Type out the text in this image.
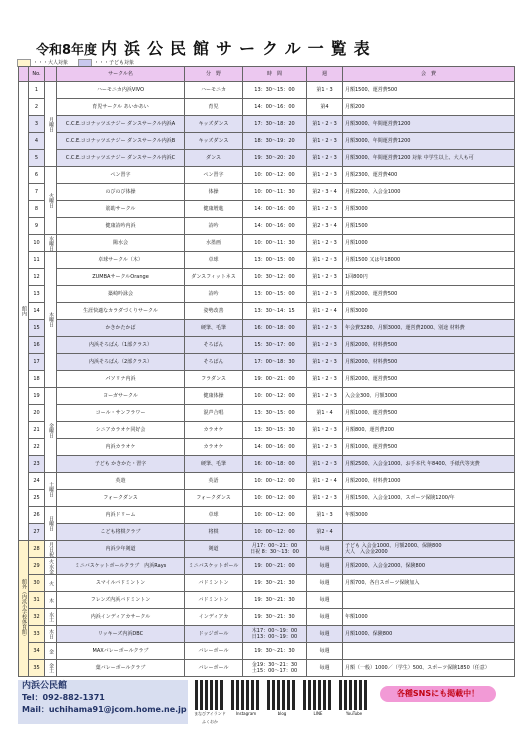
令和8年度 内浜公民館サークル一覧表
・・・大人対象	・・・子ども対象
	No.		サークル名	分　野	時　間	週	会　費
館内	1	月曜日	ハーモニカ内浜VIVO	ハーモニカ	13：30～15：00	第1・3	月額1500、運営費500
	2		育児サークル あいかあい	育児	14：00～16：00	第4	月額200
	3		C.C.E.ココナッツエナジー ダンスサークル内浜A	キッズダンス	17：30～18：20	第1・2・3	月額3000、年間運営費1200
	4		C.C.E.ココナッツエナジー ダンスサークル内浜B	キッズダンス	18：30～19：20	第1・2・3	月額3000、年間運営費1200
	5		C.C.E.ココナッツエナジー ダンスサークル内浜C	ダンス	19：30～20：20	第1・2・3	月額3000、年間運営費1200 対象 中学生以上、大人も可
	6	火曜日	ペン習字	ペン習字	10：00～12：00	第1・2・3	月額2300、運営費400
	7		のびのび体操	体操	10：00～11：30	第2・3・4	月額2200、入会金1000
	8		筋助サークル	健康増進	14：00～16：00	第1・2・3	月額3000
	9		健康詩吟内浜	詩吟	14：00～16：00	第2・3・4	月額1500
	10	水曜日	陽水会	水墨画	10：00～11：30	第1・2・3	月額1000
	11	木曜日	卓球サークル（木）	卓球	13：00～15：00	第1・2・3	月額1500 又は年18000
	12		ZUMBAサークルOrange	ダンスフィットネス	10：30～12：00	第1・2・3	1回800円
	13		築崎吟詠会	詩吟	13：00～15：00	第1・2・3	月額2000、運営費500
	14		生涯快適なカラダづくりサークル	姿勢改善	13：30～14：15	第1・2・4	月額3000
	15		かきかたかば	硬筆、毛筆	16：00～18：00	第1・2・3	年会費3280、月額3000、運営費2000、別途 材料費
	16		内浜そろばん（1部クラス）	そろばん	15：30～17：00	第1・2・3	月額2000、材料費500
	17		内浜そろばん（2部クラス）	そろばん	17：00～18：30	第1・2・3	月額2000、材料費500
	18		パソリナ内浜	フラダンス	19：00～21：00	第1・2・3	月額2000、運営費500
	19	金曜日	ヨーガサークル	健康体操	10：00～12：00	第1・2・3	入会金300、月額3000
	20		コール・サンフラワー	混声合唱	13：30～15：00	第1・4	月額1000、運営費500
	21		シニアカラオケ同好会	カラオケ	13：30～15：30	第1・2・3	月額800、運営費200
	22		内浜カラオケ	カラオケ	14：00～16：00	第1・2・3	月額1000、運営費500
	23		子ども かきかた・習字	硬筆、毛筆	16：00～18：00	第1・2・3	月額2500、入会金1000、お手本代 年8400、手紙代等実費
	24	土曜日	英遊	英語	10：00～12：00	第1・2・4	月額2000、材料費1000
	25		フォークダンス	フォークダンス	10：00～12：00	第1・2・3	月額1500、入会金1000、スポーツ保険1200/年
	26	日曜日	内浜ドリーム	卓球	10：00～12：00	第1・3	年額3000
	27		こども将棋クラブ	将棋	10：00～12：00	第2・4	
館外（内浜小学校体育館）	28	月日祝	内浜少年剣道	剣道	月17：00～21：00
日祝 8：30～13：00	毎週	子ども 入会金1000、月額2000、保険800
大人　入会金2000
	29	火水金	ミニバスケットボールクラブ　内浜Rays	ミニバスケットボール	19：00～21：00	毎週	月額2000、入会金2000、保険800
	30	火	スマイルバドミントン	バドミントン	19：30～21：30	毎週	月額700、各自スポーツ保険加入
	31	木	フレンズ内浜バドミントン	バドミントン	19：30～21：30	毎週	
	32	水土	内浜インディアカサークル	インディアカ	19：30～21：30	毎週	年額1000
	33	木日	リッキーズ内浜DBC	ドッジボール	木17：00～19：00
日13：00～19：00	毎週	月額1000、保険800
	34	金	MAXバレーボールクラブ	バレーボール	19：30～21：30	毎週	
	35	金土	葉バレーボールクラブ	バレーボール	金19：30～21：30
土15：00～17：00	毎週	月額（一般）1000／（学生）500、スポーツ保険1850（任意）
内浜公民館
Tel：092-882-1371
Mail：uchihama91@jcom.home.ne.jp	まなびアイランドふくおか
Instagram	blog	LINE	YouTube
各種SNSにも掲載中！
